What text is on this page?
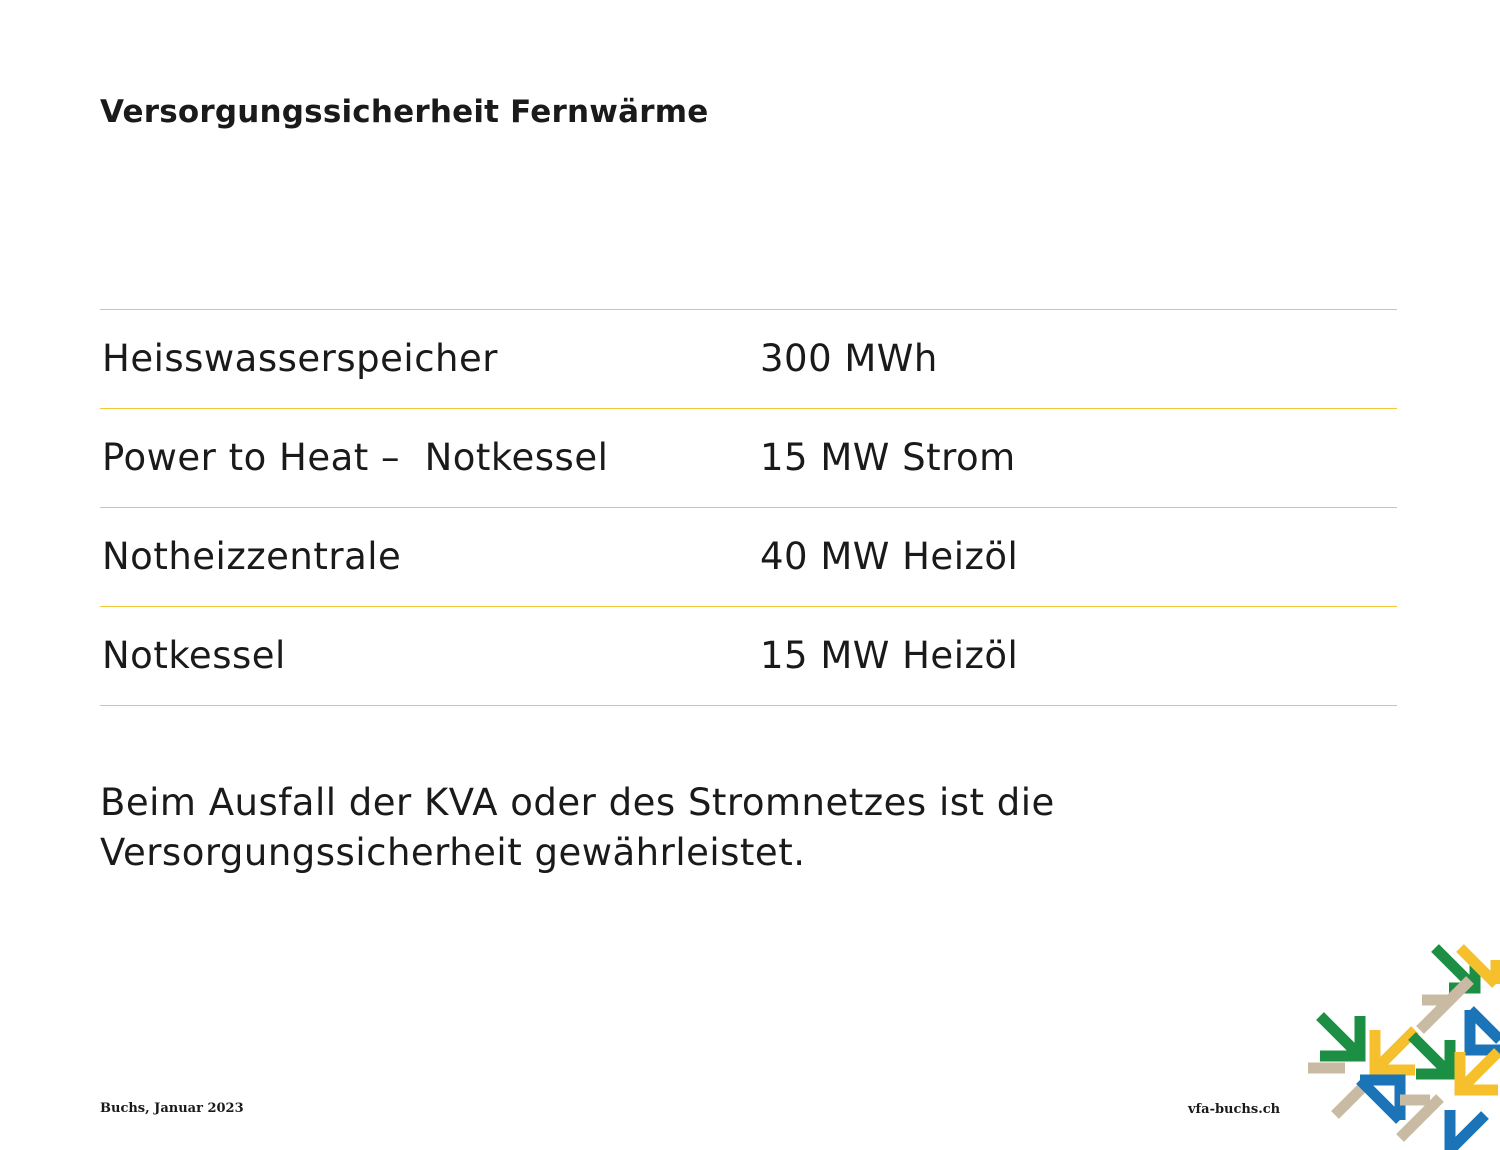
Versorgungssicherheit Fernwärme
Heisswasserspeicher	300 MWh
Power to Heat –  Notkessel	15 MW Strom
Notheizzentrale	40 MW Heizöl
Notkessel	15 MW Heizöl
Beim Ausfall der KVA oder des Stromnetzes ist die Versorgungssicherheit gewährleistet.
Buchs, Januar 2023	vfa-buchs.ch
